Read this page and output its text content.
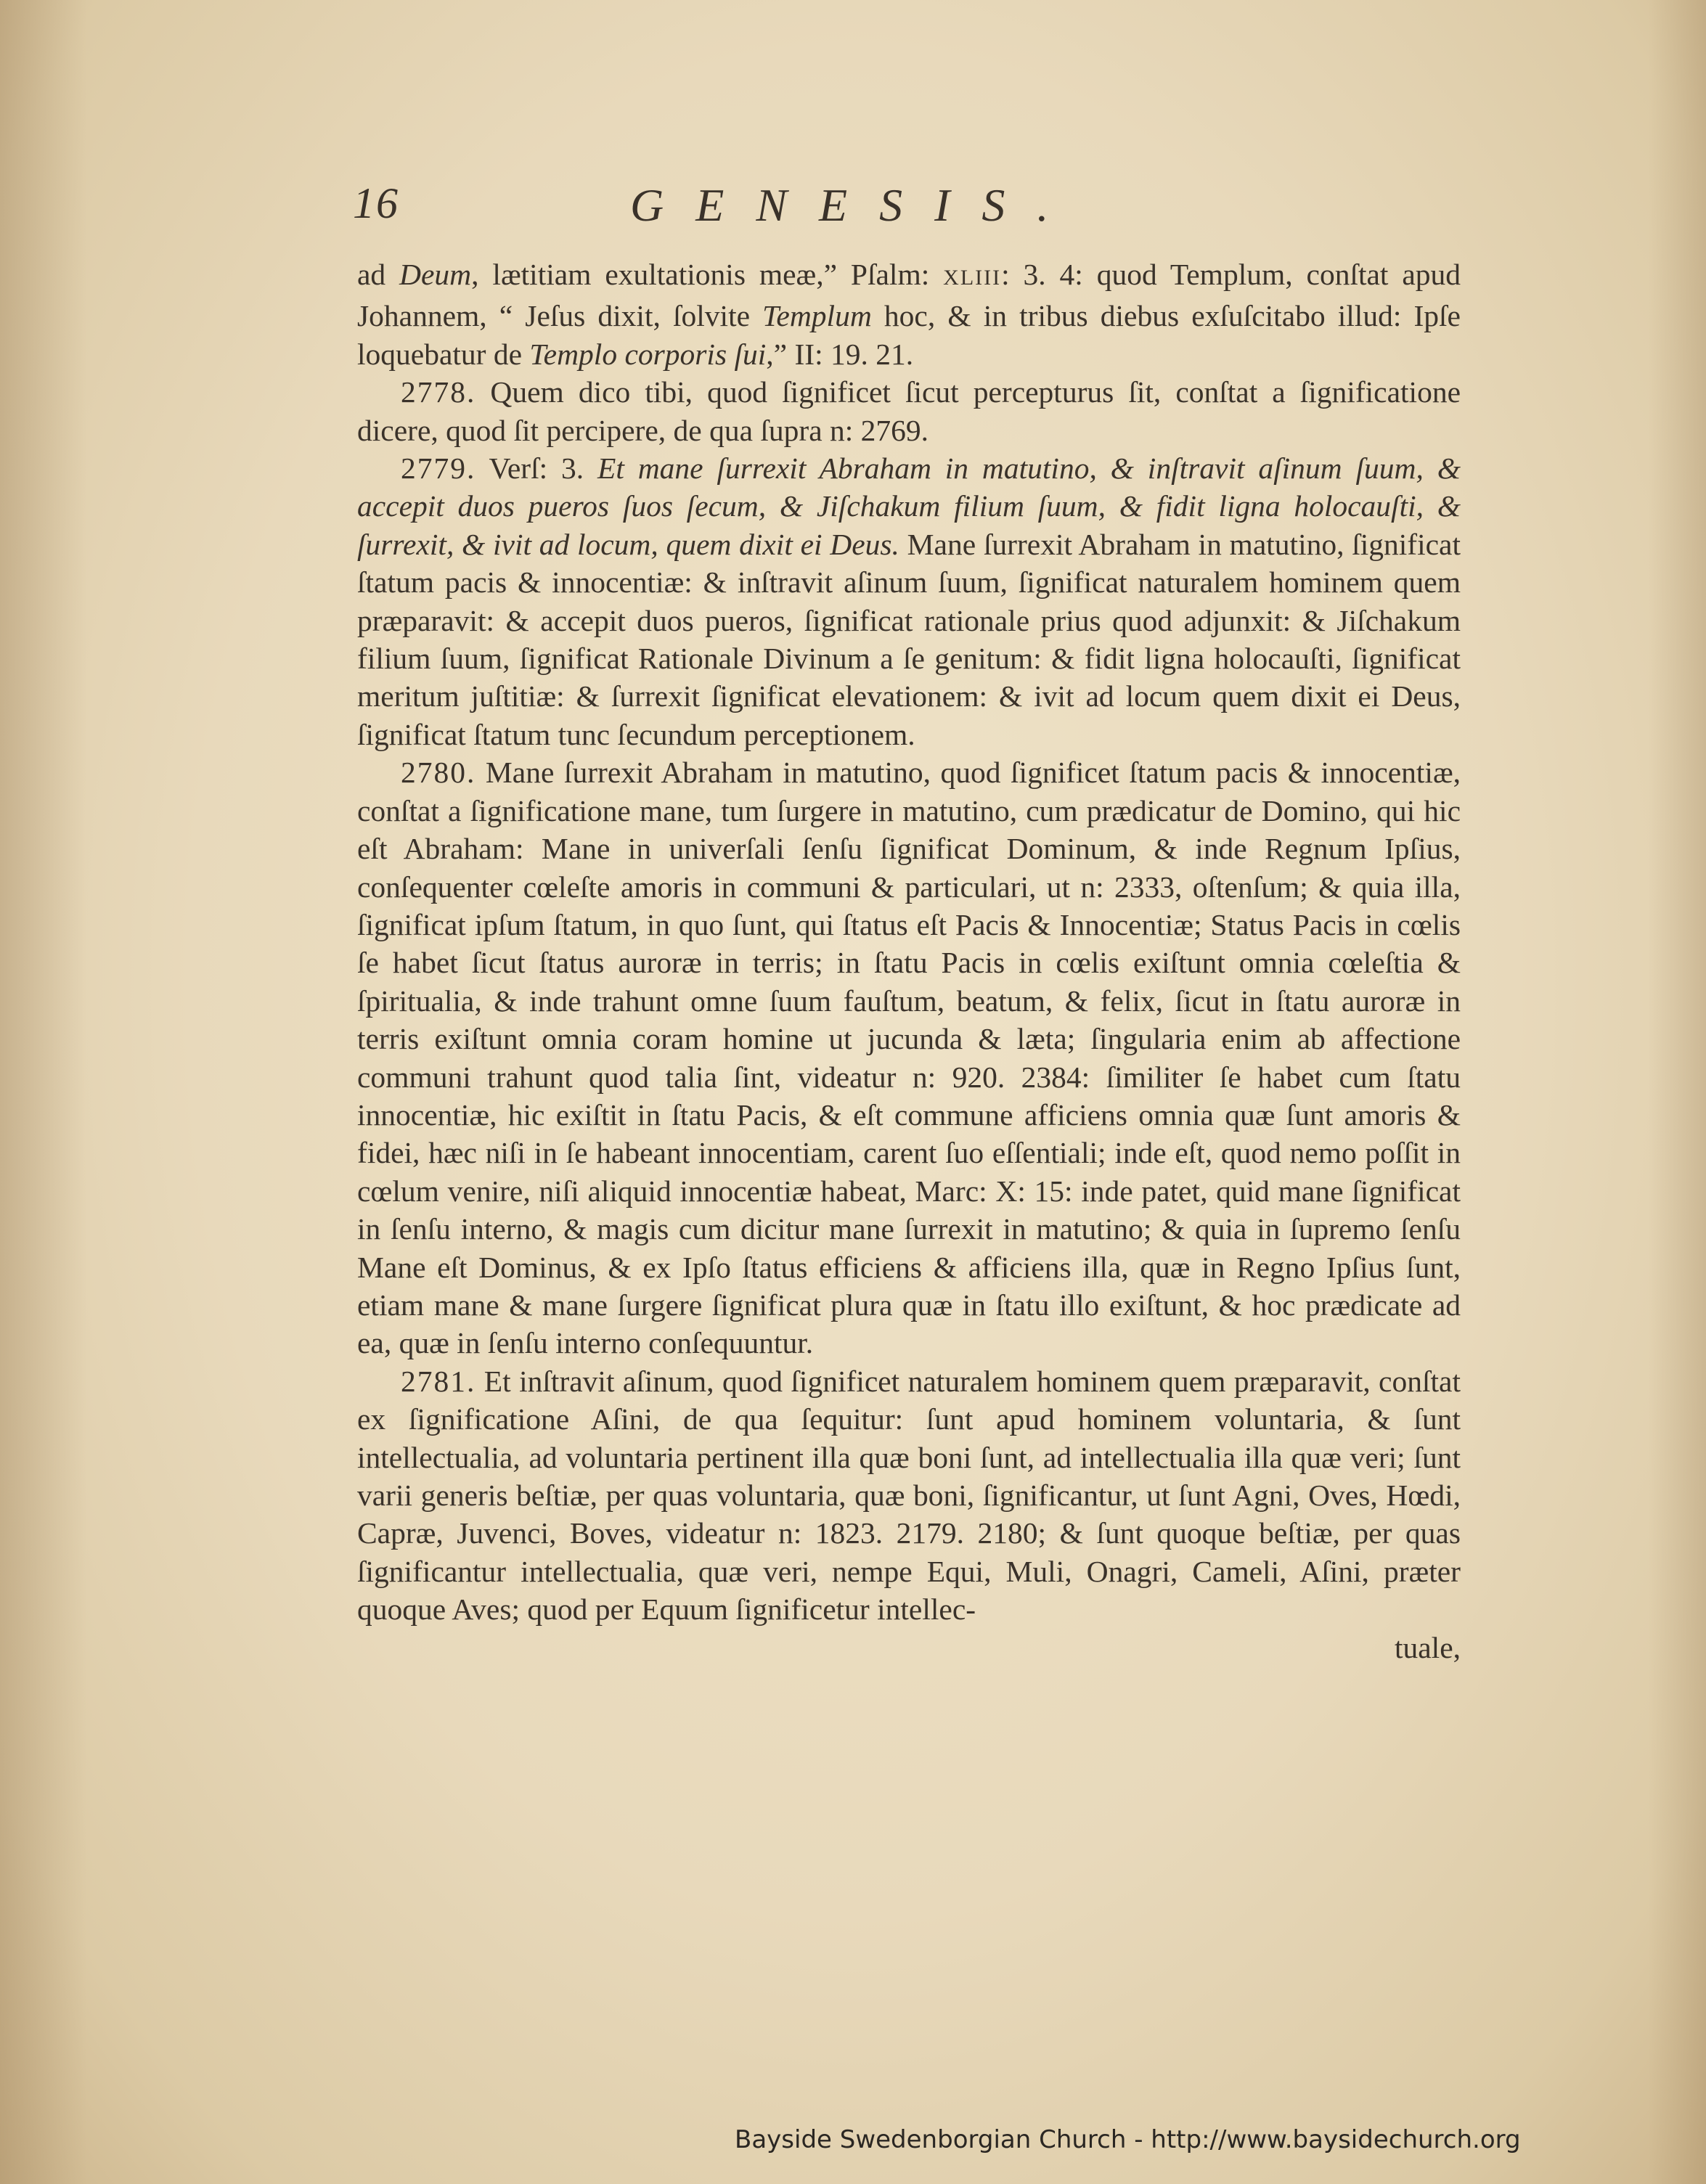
16	GENESIS.

ad Deum, lætitiam exultationis meæ,” Pſalm: XLIII: 3. 4: quod Templum, conſtat apud Johannem, “ Jeſus dixit, ſolvite Templum hoc, & in tribus diebus exſuſcitabo illud: Ipſe loquebatur de Templo corporis ſui,” II: 19. 21.

2778. Quem dico tibi, quod ſignificet ſicut percepturus ſit, conſtat a ſignificatione dicere, quod ſit percipere, de qua ſupra n: 2769.

2779. Verſ: 3. Et mane ſurrexit Abraham in matutino, & inſtravit aſinum ſuum, & accepit duos pueros ſuos ſecum, & Jiſchakum filium ſuum, & fidit ligna holocauſti, & ſurrexit, & ivit ad locum, quem dixit ei Deus. Mane ſurrexit Abraham in matutino, ſignificat ſtatum pacis & innocentiæ: & inſtravit aſinum ſuum, ſignificat naturalem hominem quem præparavit: & accepit duos pueros, ſignificat rationale prius quod adjunxit: & Jiſchakum filium ſuum, ſignificat Rationale Divinum a ſe genitum: & fidit ligna holocauſti, ſignificat meritum juſtitiæ: & ſurrexit ſignificat elevationem: & ivit ad locum quem dixit ei Deus, ſignificat ſtatum tunc ſecundum perceptionem.

2780. Mane ſurrexit Abraham in matutino, quod ſignificet ſtatum pacis & innocentiæ, conſtat a ſignificatione mane, tum ſurgere in matutino, cum prædicatur de Domino, qui hic eſt Abraham: Mane in univerſali ſenſu ſignificat Dominum, & inde Regnum Ipſius, conſequenter cœleſte amoris in communi & particulari, ut n: 2333, oſtenſum; & quia illa, ſignificat ipſum ſtatum, in quo ſunt, qui ſtatus eſt Pacis & Innocentiæ; Status Pacis in cœlis ſe habet ſicut ſtatus auroræ in terris; in ſtatu Pacis in cœlis exiſtunt omnia cœleſtia & ſpiritualia, & inde trahunt omne ſuum fauſtum, beatum, & felix, ſicut in ſtatu auroræ in terris exiſtunt omnia coram homine ut jucunda & læta; ſingularia enim ab affectione communi trahunt quod talia ſint, videatur n: 920. 2384: ſimiliter ſe habet cum ſtatu innocentiæ, hic exiſtit in ſtatu Pacis, & eſt commune afficiens omnia quæ ſunt amoris & fidei, hæc niſi in ſe habeant innocentiam, carent ſuo eſſentiali; inde eſt, quod nemo poſſit in cœlum venire, niſi aliquid innocentiæ habeat, Marc: X: 15: inde patet, quid mane ſignificat in ſenſu interno, & magis cum dicitur mane ſurrexit in matutino; & quia in ſupremo ſenſu Mane eſt Dominus, & ex Ipſo ſtatus efficiens & afficiens illa, quæ in Regno Ipſius ſunt, etiam mane & mane ſurgere ſignificat plura quæ in ſtatu illo exiſtunt, & hoc prædicate ad ea, quæ in ſenſu interno conſequuntur.

2781. Et inſtravit aſinum, quod ſignificet naturalem hominem quem præparavit, conſtat ex ſignificatione Aſini, de qua ſequitur: ſunt apud hominem voluntaria, & ſunt intellectualia, ad voluntaria pertinent illa quæ boni ſunt, ad intellectualia illa quæ veri; ſunt varii generis beſtiæ, per quas voluntaria, quæ boni, ſignificantur, ut ſunt Agni, Oves, Hœdi, Capræ, Juvenci, Boves, videatur n: 1823. 2179. 2180; & ſunt quoque beſtiæ, per quas ſignificantur intellectualia, quæ veri, nempe Equi, Muli, Onagri, Cameli, Aſini, præter quoque Aves; quod per Equum ſignificetur intellec-

tuale,

Bayside Swedenborgian Church - http://www.baysidechurch.org
